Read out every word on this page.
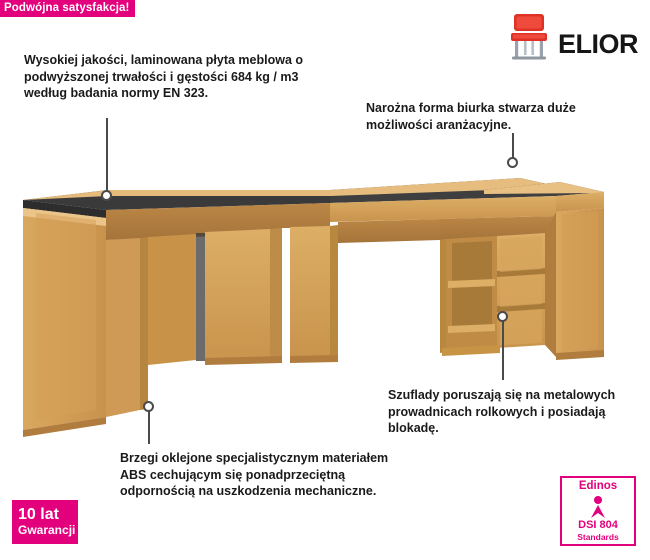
Podwójna satysfakcja!
ELIOR
Wysokiej jakości, laminowana płyta meblowa o podwyższonej trwałości i gęstości 684 kg / m3 według badania normy EN 323.
Narożna forma biurka stwarza duże możliwości aranżacyjne.
Szuflady poruszają się na metalowych prowadnicach rolkowych i posiadają blokadę.
Brzegi oklejone specjalistycznym materiałem ABS cechującym się ponadprzeciętną odpornością na uszkodzenia mechaniczne.
10 lat
Gwarancji
Edinos
DSI 804
Standards
